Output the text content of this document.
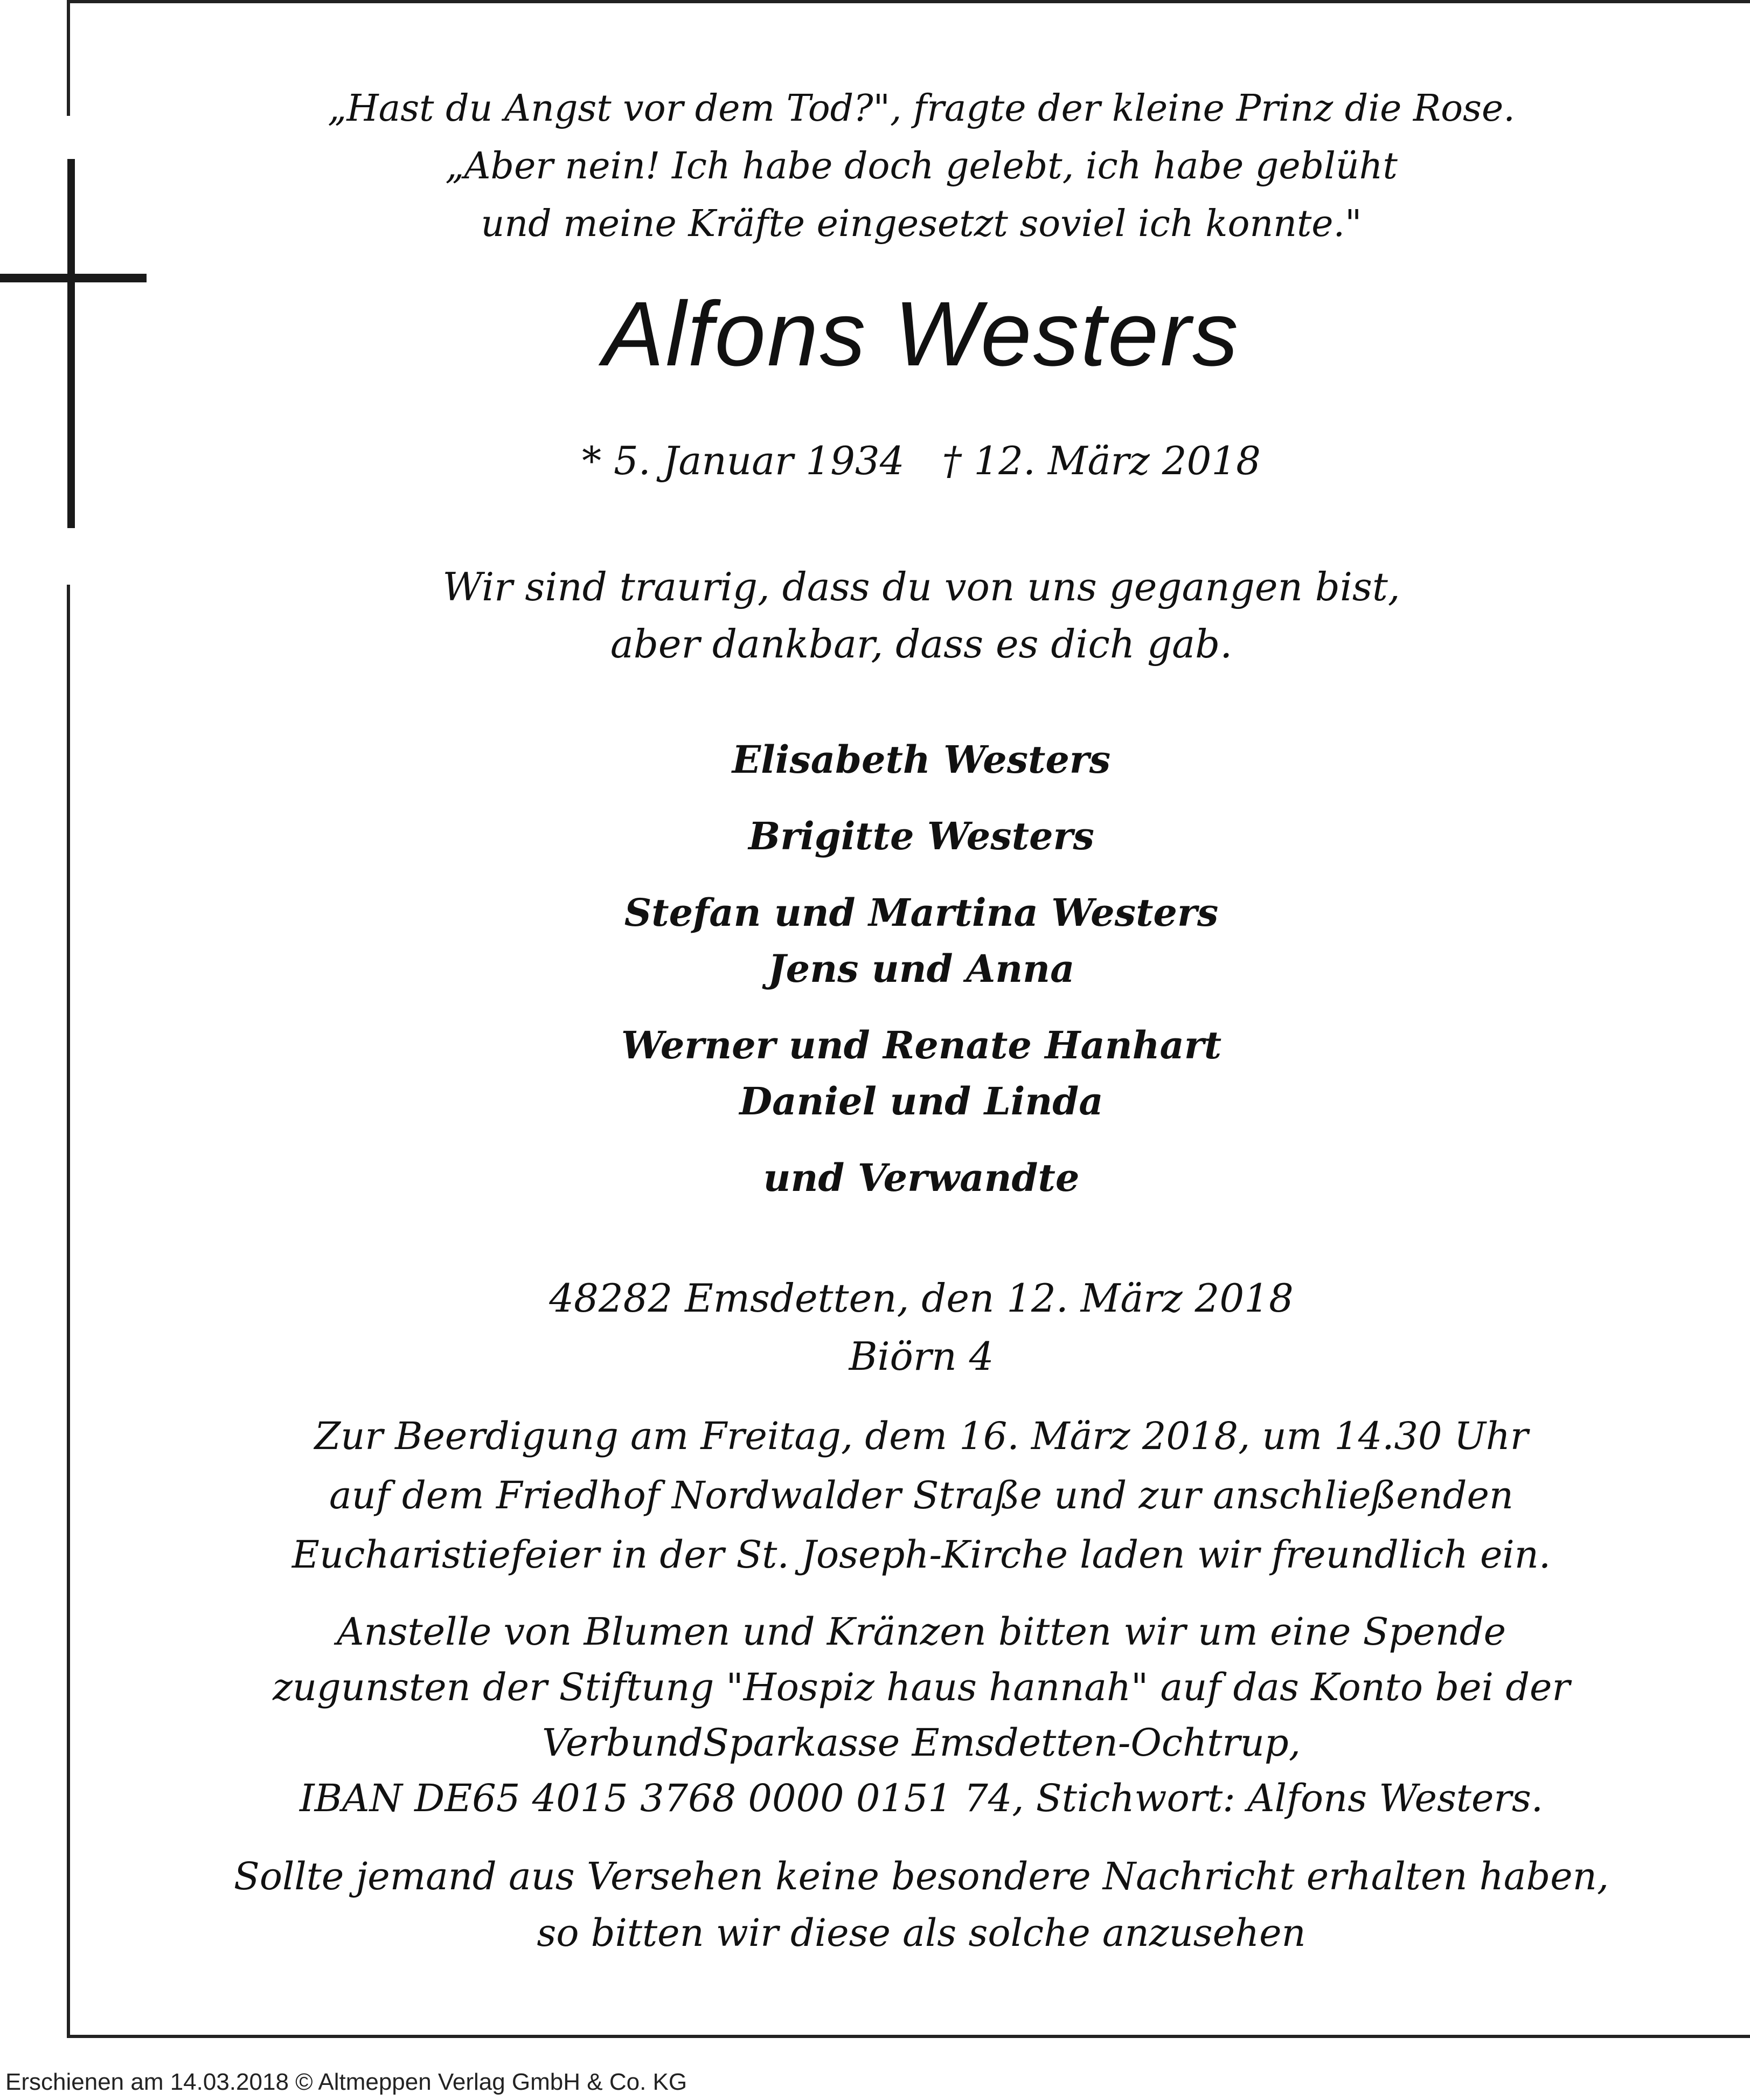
„Hast du Angst vor dem Tod?", fragte der kleine Prinz die Rose.
„Aber nein! Ich habe doch gelebt, ich habe geblüht
und meine Kräfte eingesetzt soviel ich konnte."
Alfons Westers
* 5. Januar 1934 † 12. März 2018
Wir sind traurig, dass du von uns gegangen bist,
aber dankbar, dass es dich gab.
Elisabeth Westers
Brigitte Westers
Stefan und Martina Westers
Jens und Anna
Werner und Renate Hanhart
Daniel und Linda
und Verwandte
48282 Emsdetten, den 12. März 2018
Biörn 4
Zur Beerdigung am Freitag, dem 16. März 2018, um 14.30 Uhr
auf dem Friedhof Nordwalder Straße und zur anschließenden
Eucharistiefeier in der St. Joseph-Kirche laden wir freundlich ein.
Anstelle von Blumen und Kränzen bitten wir um eine Spende
zugunsten der Stiftung "Hospiz haus hannah" auf das Konto bei der
VerbundSparkasse Emsdetten-Ochtrup,
IBAN DE65 4015 3768 0000 0151 74, Stichwort: Alfons Westers.
Sollte jemand aus Versehen keine besondere Nachricht erhalten haben,
so bitten wir diese als solche anzusehen
Erschienen am 14.03.2018 © Altmeppen Verlag GmbH & Co. KG
